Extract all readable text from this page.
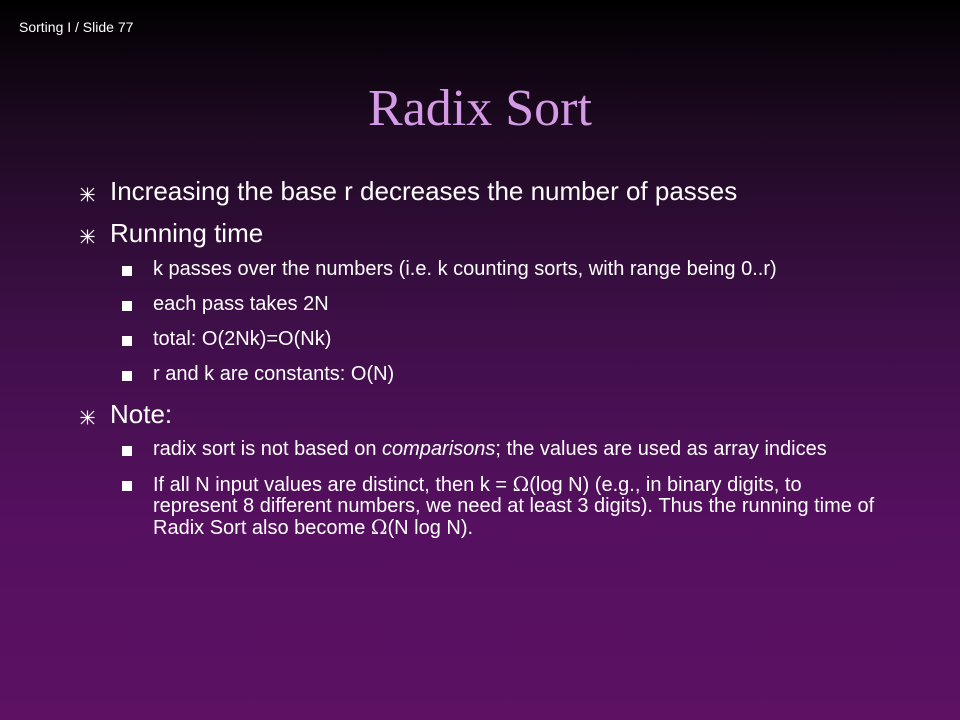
Sorting I / Slide 77
Radix Sort
Increasing the base r decreases the number of passes
Running time
k passes over the numbers (i.e. k counting sorts, with range being 0..r)
each pass takes 2N
total: O(2Nk)=O(Nk)
r and k are constants: O(N)
Note:
radix sort is not based on comparisons; the values are used as array indices
If all N input values are distinct, then k = Ω(log N) (e.g., in binary digits, to represent 8 different numbers, we need at least 3 digits). Thus the running time of Radix Sort also become Ω(N log N).
